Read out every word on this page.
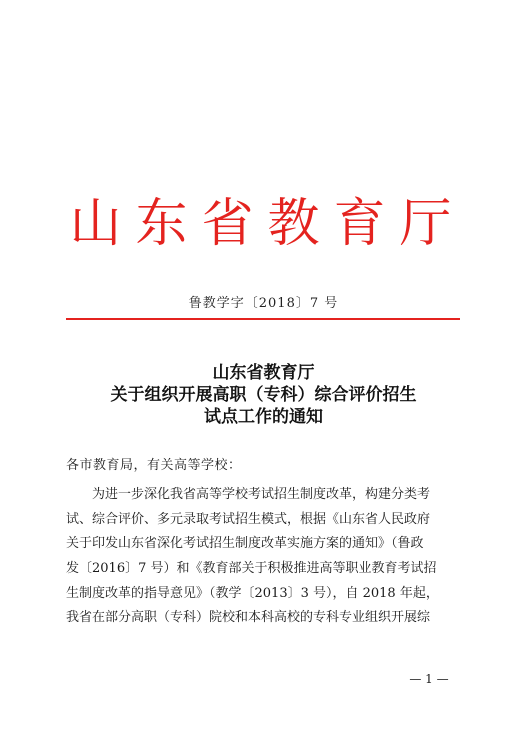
山东省教育厅
鲁教学字〔2018〕7 号
山东省教育厅
关于组织开展高职（专科）综合评价招生
试点工作的通知
各市教育局，有关高等学校：
为进一步深化我省高等学校考试招生制度改革，构建分类考
试、综合评价、多元录取考试招生模式，根据《山东省人民政府
关于印发山东省深化考试招生制度改革实施方案的通知》（鲁政
发〔2016〕7 号）和《教育部关于积极推进高等职业教育考试招
生制度改革的指导意见》（教学〔2013〕3 号），自 2018 年起，
我省在部分高职（专科）院校和本科高校的专科专业组织开展综
— 1 —
